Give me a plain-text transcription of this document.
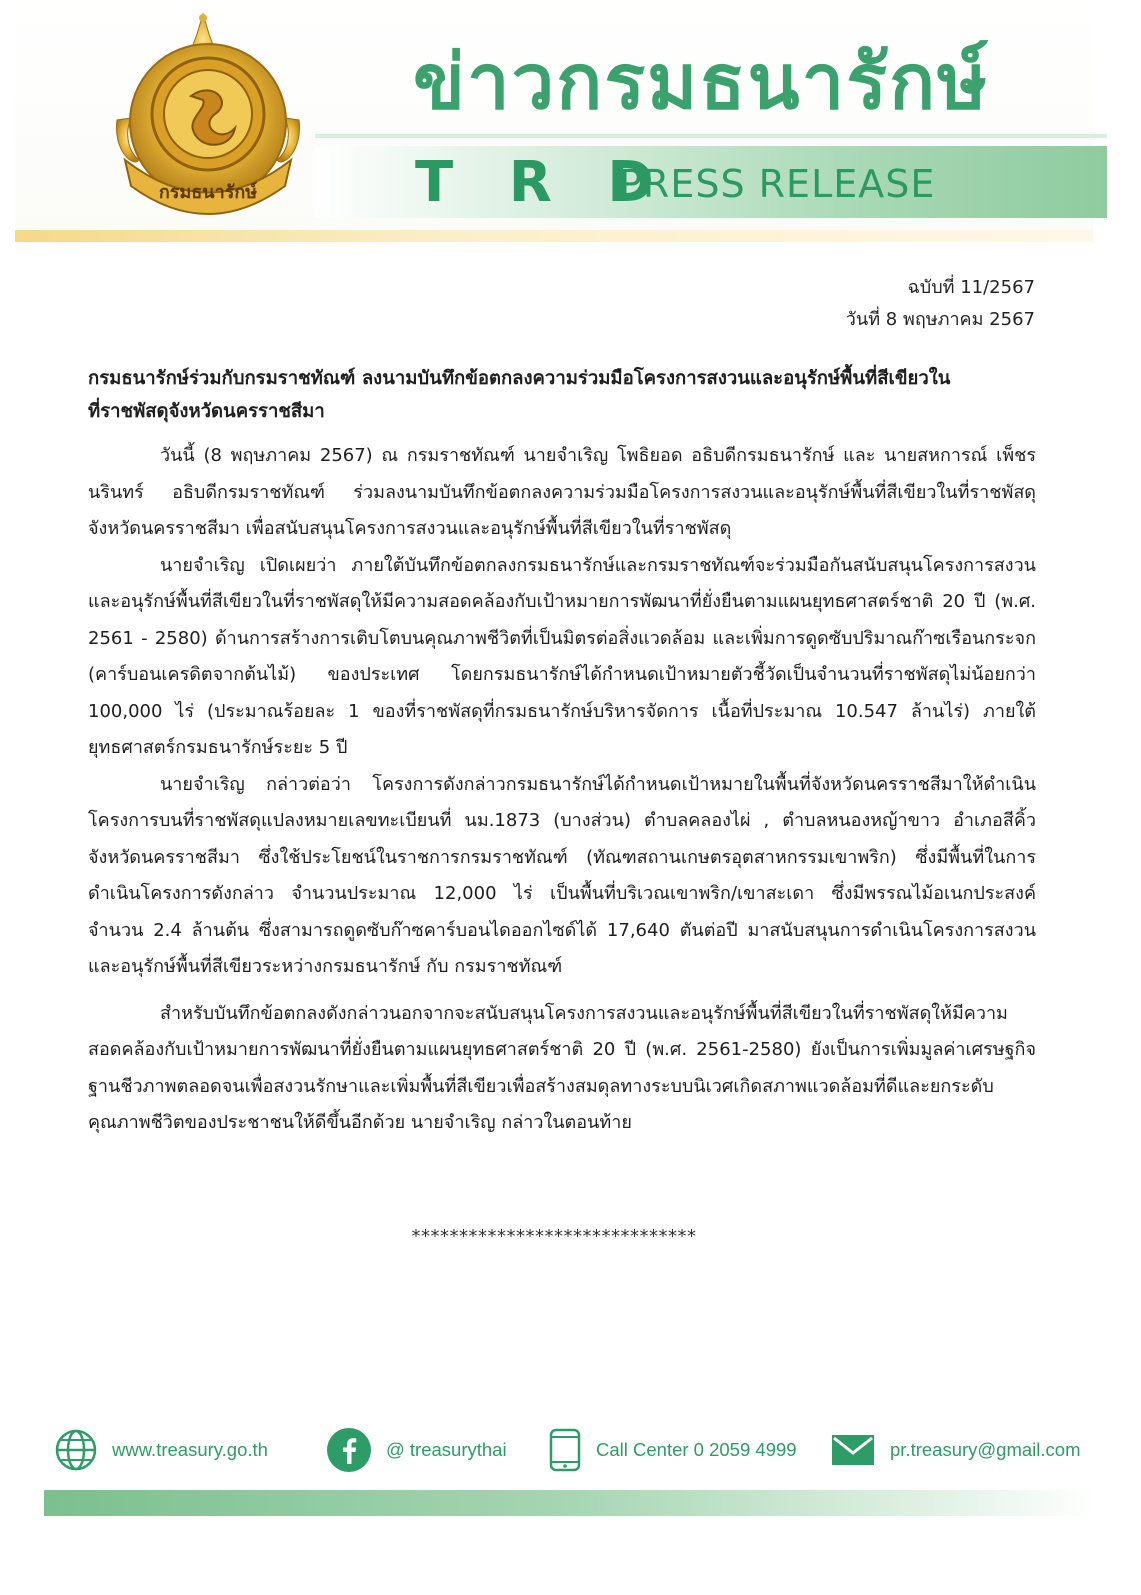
กรมธนารักษ์
ข่าวกรมธนารักษ์
T R D
PRESS RELEASE
ฉบับที่ 11/2567
วันที่ 8 พฤษภาคม 2567
กรมธนารักษ์ร่วมกับกรมราชทัณฑ์ ลงนามบันทึกข้อตกลงความร่วมมือโครงการสงวนและอนุรักษ์พื้นที่สีเขียวใน
ที่ราชพัสดุจังหวัดนครราชสีมา

วันนี้ (8 พฤษภาคม 2567) ณ กรมราชทัณฑ์ นายจำเริญ โพธิยอด อธิบดีกรมธนารักษ์ และ นายสหการณ์ เพ็ชรนรินทร์ อธิบดีกรมราชทัณฑ์ ร่วมลงนามบันทึกข้อตกลงความร่วมมือโครงการสงวนและอนุรักษ์พื้นที่สีเขียวในที่ราชพัสดุจังหวัดนครราชสีมา เพื่อสนับสนุนโครงการสงวนและอนุรักษ์พื้นที่สีเขียวในที่ราชพัสดุ

นายจำเริญ เปิดเผยว่า ภายใต้บันทึกข้อตกลงกรมธนารักษ์และกรมราชทัณฑ์จะร่วมมือกันสนับสนุนโครงการสงวนและอนุรักษ์พื้นที่สีเขียวในที่ราชพัสดุให้มีความสอดคล้องกับเป้าหมายการพัฒนาที่ยั่งยืนตามแผนยุทธศาสตร์ชาติ 20 ปี (พ.ศ. 2561 - 2580) ด้านการสร้างการเติบโตบนคุณภาพชีวิตที่เป็นมิตรต่อสิ่งแวดล้อม และเพิ่มการดูดซับปริมาณก๊าซเรือนกระจก (คาร์บอนเครดิตจากต้นไม้) ของประเทศ โดยกรมธนารักษ์ได้กำหนดเป้าหมายตัวชี้วัดเป็นจำนวนที่ราชพัสดุไม่น้อยกว่า 100,000 ไร่ (ประมาณร้อยละ 1 ของที่ราชพัสดุที่กรมธนารักษ์บริหารจัดการ เนื้อที่ประมาณ 10.547 ล้านไร่) ภายใต้ยุทธศาสตร์กรมธนารักษ์ระยะ 5 ปี

นายจำเริญ กล่าวต่อว่า โครงการดังกล่าวกรมธนารักษ์ได้กำหนดเป้าหมายในพื้นที่จังหวัดนครราชสีมาให้ดำเนินโครงการบนที่ราชพัสดุแปลงหมายเลขทะเบียนที่ นม.1873 (บางส่วน) ตำบลคลองไผ่ , ตำบลหนองหญ้าขาว อำเภอสีคิ้ว จังหวัดนครราชสีมา ซึ่งใช้ประโยชน์ในราชการกรมราชทัณฑ์ (ทัณฑสถานเกษตรอุตสาหกรรมเขาพริก) ซึ่งมีพื้นที่ในการดำเนินโครงการดังกล่าว จำนวนประมาณ 12,000 ไร่ เป็นพื้นที่บริเวณเขาพริก/เขาสะเดา ซึ่งมีพรรณไม้อเนกประสงค์ จำนวน 2.4 ล้านต้น ซึ่งสามารถดูดซับก๊าซคาร์บอนไดออกไซด์ได้ 17,640 ตันต่อปี มาสนับสนุนการดำเนินโครงการสงวนและอนุรักษ์พื้นที่สีเขียวระหว่างกรมธนารักษ์ กับ กรมราชทัณฑ์

สำหรับบันทึกข้อตกลงดังกล่าวนอกจากจะสนับสนุนโครงการสงวนและอนุรักษ์พื้นที่สีเขียวในที่ราชพัสดุให้มีความสอดคล้องกับเป้าหมายการพัฒนาที่ยั่งยืนตามแผนยุทธศาสตร์ชาติ 20 ปี (พ.ศ. 2561-2580) ยังเป็นการเพิ่มมูลค่าเศรษฐกิจฐานชีวภาพตลอดจนเพื่อสงวนรักษาและเพิ่มพื้นที่สีเขียวเพื่อสร้างสมดุลทางระบบนิเวศเกิดสภาพแวดล้อมที่ดีและยกระดับคุณภาพชีวิตของประชาชนให้ดีขึ้นอีกด้วย นายจำเริญ กล่าวในตอนท้าย

******************************
www.treasury.go.th	@ treasurythai	Call Center 0 2059 4999	pr.treasury@gmail.com
